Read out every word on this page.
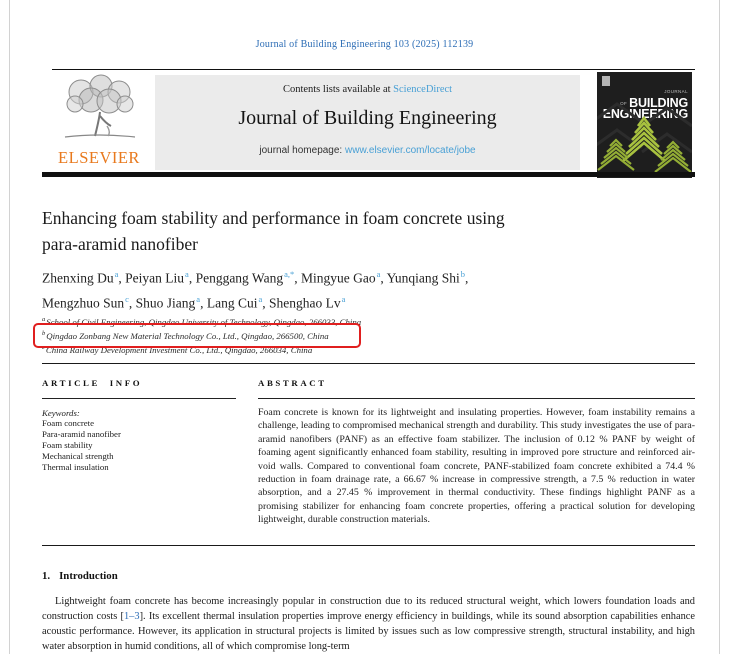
Journal of Building Engineering 103 (2025) 112139
ELSEVIER
Contents lists available at ScienceDirect
Journal of Building Engineering
journal homepage: www.elsevier.com/locate/jobe
JOURNAL OF BUILDING
ENGINEERING
Enhancing foam stability and performance in foam concrete using
para-aramid nanofiber
Zhenxing Du$^a$, Peiyan Liu$^a$, Penggang Wang$^{a,*}$, Mingyue Gao$^a$, Yunqiang Shi$^b$,
Mengzhuo Sun$^c$, Shuo Jiang$^a$, Lang Cui$^a$, Shenghao Lv$^a$
$^a$School of Civil Engineering, Qingdao University of Technology, Qingdao, 266033, China
$^b$Qingdao Zonbang New Material Technology Co., Ltd., Qingdao, 266500, China
$^c$China Railway Development Investment Co., Ltd., Qingdao, 266034, China
ARTICLE INFO
Keywords:
Foam concrete
Para-aramid nanofiber
Foam stability
Mechanical strength
Thermal insulation
ABSTRACT
Foam concrete is known for its lightweight and insulating properties. However, foam instability remains a challenge, leading to compromised mechanical strength and durability. This study investigates the use of para-aramid nanofibers (PANF) as an effective foam stabilizer. The inclusion of 0.12 % PANF by weight of foaming agent significantly enhanced foam stability, resulting in improved pore structure and reinforced air-void walls. Compared to conventional foam concrete, PANF-stabilized foam concrete exhibited a 74.4 % reduction in foam drainage rate, a 66.67 % increase in compressive strength, a 7.5 % reduction in water absorption, and a 27.45 % improvement in thermal conductivity. These findings highlight PANF as a promising stabilizer for enhancing foam concrete properties, offering a practical solution for developing lightweight, durable construction materials.
1. Introduction
Lightweight foam concrete has become increasingly popular in construction due to its reduced structural weight, which lowers foundation loads and construction costs [1–3]. Its excellent thermal insulation properties improve energy efficiency in buildings, while its sound absorption capabilities enhance acoustic performance. However, its application in structural projects is limited by issues such as low compressive strength, structural instability, and high water absorption in humid conditions, all of which compromise long-term
